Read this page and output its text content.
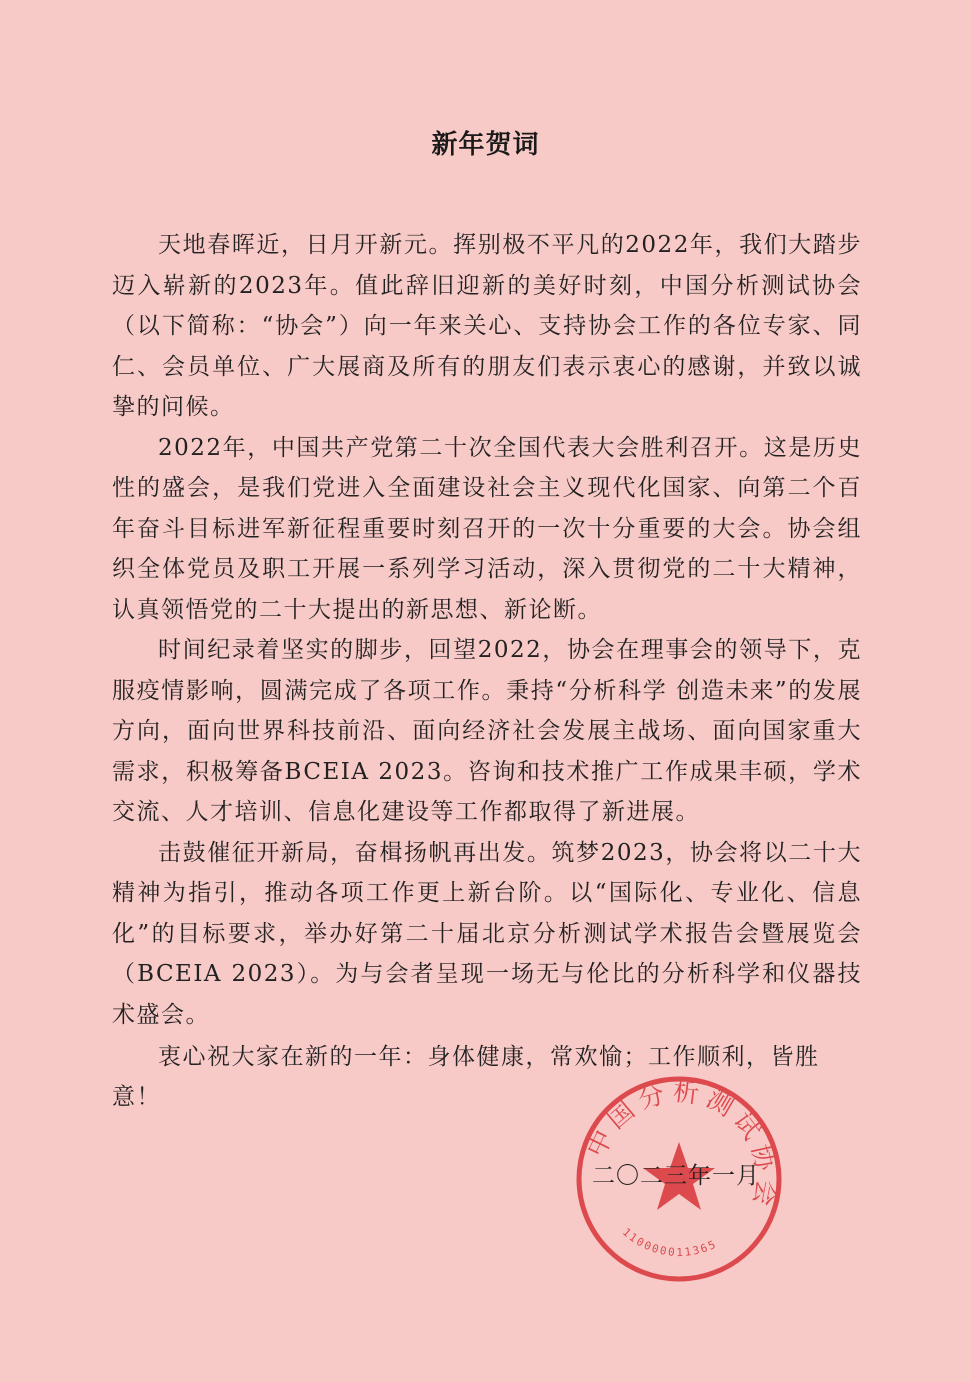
新年贺词

天地春晖近，日月开新元。挥别极不平凡的2022年，我们大踏步迈入崭新的2023年。值此辞旧迎新的美好时刻，中国分析测试协会（以下简称：“协会”）向一年来关心、支持协会工作的各位专家、同仁、会员单位、广大展商及所有的朋友们表示衷心的感谢，并致以诚挚的问候。

2022年，中国共产党第二十次全国代表大会胜利召开。这是历史性的盛会，是我们党进入全面建设社会主义现代化国家、向第二个百年奋斗目标进军新征程重要时刻召开的一次十分重要的大会。协会组织全体党员及职工开展一系列学习活动，深入贯彻党的二十大精神，认真领悟党的二十大提出的新思想、新论断。

时间纪录着坚实的脚步，回望2022，协会在理事会的领导下，克服疫情影响，圆满完成了各项工作。秉持“分析科学 创造未来”的发展方向，面向世界科技前沿、面向经济社会发展主战场、面向国家重大需求，积极筹备BCEIA 2023。咨询和技术推广工作成果丰硕，学术交流、人才培训、信息化建设等工作都取得了新进展。

击鼓催征开新局，奋楫扬帆再出发。筑梦2023，协会将以二十大精神为指引，推动各项工作更上新台阶。以“国际化、专业化、信息化”的目标要求，举办好第二十届北京分析测试学术报告会暨展览会（BCEIA 2023）。为与会者呈现一场无与伦比的分析科学和仪器技术盛会。

衷心祝大家在新的一年：身体健康，常欢愉；工作顺利，皆胜意！
中国分析测试协会
110000011365
二〇二三年一月
